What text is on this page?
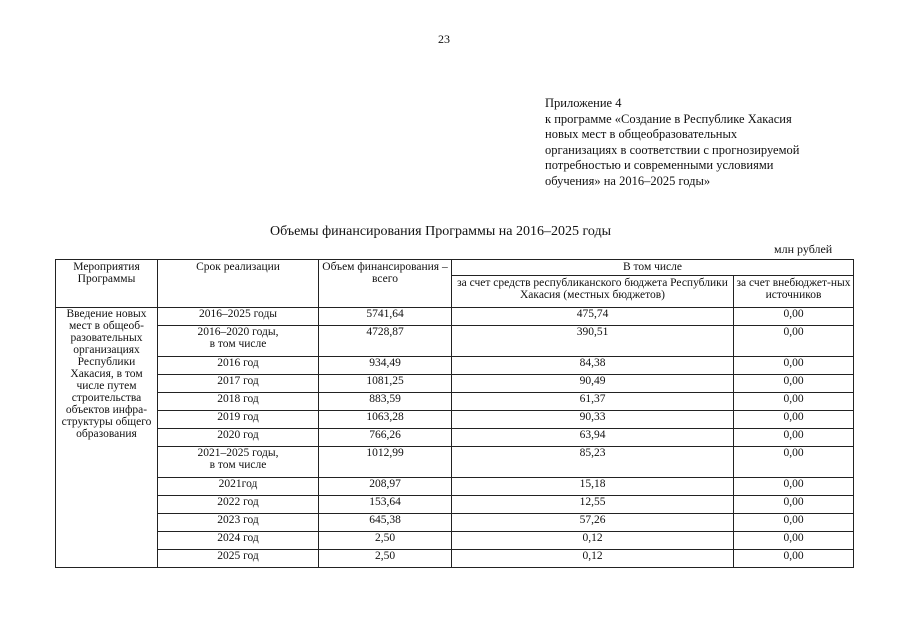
23
Приложение 4
к программе «Создание в Республике Хакасия
новых мест в общеобразовательных
организациях в соответствии с прогнозируемой
потребностью и современными условиями
обучения» на 2016–2025 годы»
Объемы финансирования Программы на 2016–2025 годы
млн рублей
Мероприятия Программы	Срок реализации	Объем финансирования – всего	В том числе	
			за счет средств республиканского бюджета Республики Хакасия (местных бюджетов)	за счет внебюджет-ных источников
Введение новых мест в общеоб-разовательных организациях Республики Хакасия, в том числе путем строительства объектов инфра-структуры общего образования	2016–2025 годы	5741,64	475,74	0,00

	2016–2020 годы,
в том числе	4728,87	390,51	0,00

	2016 год	934,49	84,38	0,00

	2017 год	1081,25	90,49	0,00

	2018 год	883,59	61,37	0,00

	2019 год	1063,28	90,33	0,00

	2020 год	766,26	63,94	0,00

	2021–2025 годы,
в том числе	1012,99	85,23	0,00

	2021год	208,97	15,18	0,00

	2022 год	153,64	12,55	0,00

	2023 год	645,38	57,26	0,00

	2024 год	2,50	0,12	0,00

	2025 год	2,50	0,12	0,00
